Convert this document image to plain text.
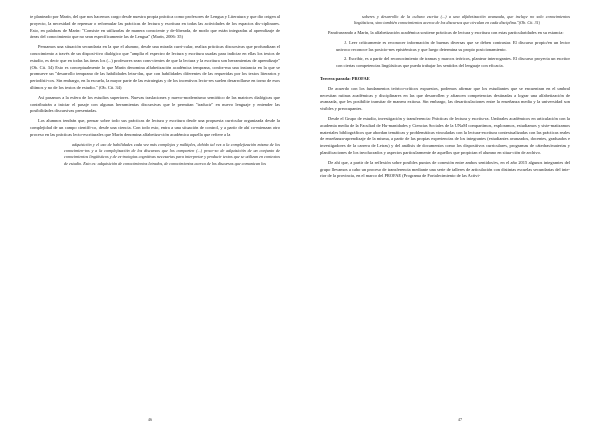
te planteado por Marín, del que nos hacemos cargo desde nuestra propia práctica como profesores de Lengua y Literatura y que dio origen al proyecto, la necesidad de repensar o reformular las prácticas de lectura y escritura en todas las actividades de los espacios dis-ciplinares. Esto, en palabras de Marín: "Consiste en utilizarlas de manera consciente y de-liberada, de modo que están integradas al aprendizaje de áreas del conocimiento que no sean específicamente las de Lengua" (Marín, 2006: 35)

Pensamos una situación secundaria en la que el alumno, desde una mirada curri-cular, realiza prácticas discursivas que profundizan el conocimiento a través de un disposi-tivo dialógico que "amplía el espectro de lectura y escritura usadas para indiciar en ellas los textos de estudio, es decir que en todas las áreas los (...) profesores sean cons-cientes de que la lectura y la escritura son herramientas de aprendizaje"(Ob. Cit. 34) Esto es conceptualmente lo que Marín denomina alfabetización académica temprana, confor-ma una instancia en la que se promueve un "desarrollo temprano de las habilidades letra-das, que con habilidades diferentes de las requeridas por los textos literarios y periodísti-cos. Sin embargo, en la escuela, la mayor parte de las estrategias y de los incentivos lecto-res suelen desarrollarse en torno de esos últimos y no de los textos de estudio." (Ob. Cit. 34)

Así pasamos a la esfera de los estudios superiores. Nuevas traslaciones y nuevo-modernismo semiótico de las matrices dialógicas que contribuirán a iniciar el pasaje con algunas herramientas discursivas que le permitan "traducir" en nuevo lenguaje y entender las posibilidades discursivas presentadas.

Los alumnos tendrán que, pensar sobre todo sus prácticas de lectura y escritura desde una propuesta curricular organizada desde la complejidad de un campo científi-co, desde una ciencia. Con todo esto, entra a una situación de control, y a partir de ahí co-mienzan otro proceso en las prácticas lecto-escriturales que Marín denomina alfabetiza-ción académica aquella que refiere a la

adquisición y el uso de habilidades cada vez más complejas y múltiples, debido tal vez a la complejización misma de los conocimien-tos y a la complejización de los discursos que los comparten (...) proce-so de adquisición de un conjunto de conocimientos lingüísticos y de es-trategias cognitivas necesarias para interpretar y producir textos que se utilizan en contextos de estudio. Esto es: adquisición de conocimientos letrados, de conocimientos acerca de los discursos que comunican los

46

saberes y desarrollo de la cultura escrita (...) a una alfabetización avanzada, que incluye no solo conocimientos lingüísticos, sino también conocimientos acerca de los discursos que circulan en cada disciplina."(Ob. Cit. 31)

Parafraseando a Marín, la alfabetización académica sostiene prácticas de lectura y escritura con estas particularidades en su estancia:

1. Leer críticamente es reconocer información de buenas diversas que se deben contrastar. El discurso propio/en un lector univoco reconoce las posicio-nes epistémicas y que luego determina su propio posicionamiento.

2. Escribir, es a partir del reconocimiento de tramas y marcos teóricos, plantear interrogantes. El discurso proyecta un escritor con ciertas competencias lingüísticas que pueda trabajar los sentidos del lenguaje con eficacia.

Tercera parada: PROFAE

De acuerdo con los fundamentos teórico-críticos expuestos, podemos afirmar que los estudiantes que se encuentran en el umbral necesitan rutinas académicas y disciplinares en las que desarrollen y afiancen competencias destinadas a lograr una alfabetización de avanzada, que les posibilite transitar de manera exitosa. Sin embargo, las desarticulaciones entre la enseñanza media y la universidad son visibles y preocupantes.

Desde el Grupo de estudio, investigación y transferencia: Prácticas de lectura y escritu-ra. Umbrales académicos en articulación con la academia media de la Facultad de Hu-manidades y Ciencias Sociales de la UNaM compartimos, exploramos, estudiamos y siste-matizamos materiales bibliográficos que abordan temáticas y problemáticas vinculadas con la lectura-escritura contextualizadas con las prácticas reales de enseñanza-aprendizaje de la misma, a partir de las propias experiencias de los integrantes (estudiantes avanzados, docentes, graduados e investigadores de la carrera de Letras) y del análisis de documentos como los dispositivos curriculares, programas de cátedras/materias y planificaciones de los involucrados y aspectos particularmente de aquellos que propician el alumno en situa-ción de archivo.

De ahí que, a partir de la reflexión sobre posibles puntos de conexión entre ambos sentidos/es, en el año 2015 algunos integrantes del grupo llevamos a cabo un proceso de transferencia mediante una serie de talleres de articulación con distintas escuelas secundarias del inte-rior de la provincia, en el marco del PROFAE (Programa de Fortalecimiento de las Activi-

47
